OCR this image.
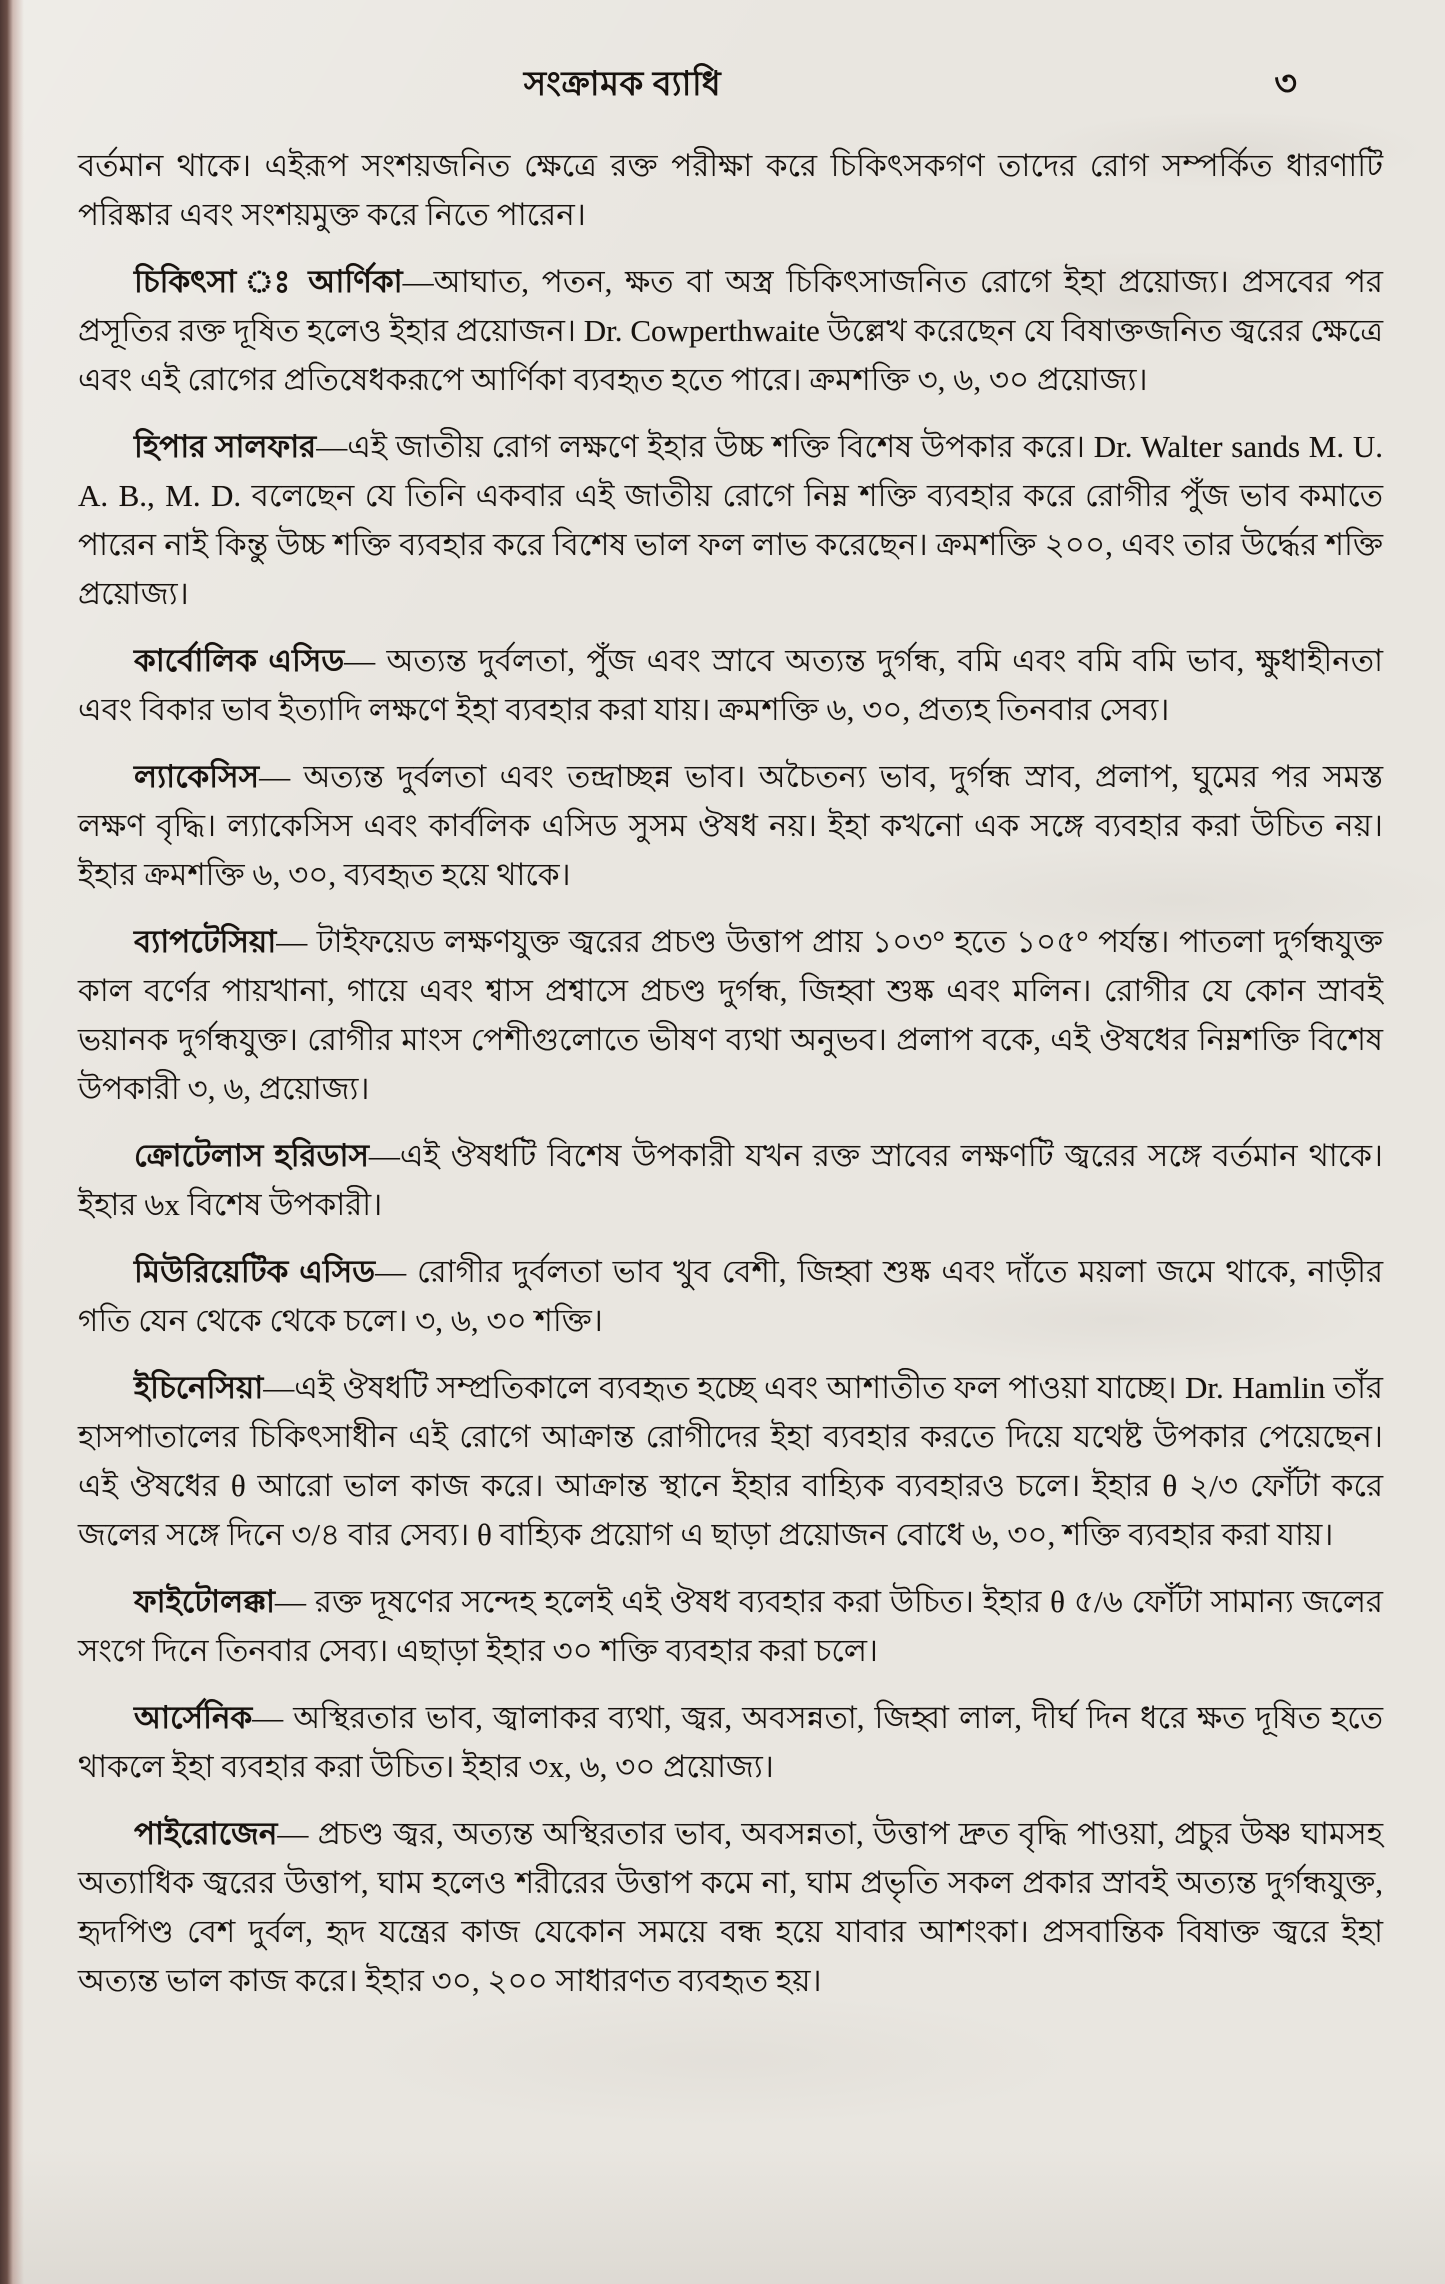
সংক্রামক ব্যাধি	৩

বর্তমান থাকে। এইরূপ সংশয়জনিত ক্ষেত্রে রক্ত পরীক্ষা করে চিকিৎসকগণ তাদের রোগ সম্পর্কিত ধারণাটি পরিষ্কার এবং সংশয়মুক্ত করে নিতে পারেন।

চিকিৎসা ঃ আর্ণিকা—আঘাত, পতন, ক্ষত বা অস্ত্র চিকিৎসাজনিত রোগে ইহা প্রয়োজ্য। প্রসবের পর প্রসূতির রক্ত দূষিত হলেও ইহার প্রয়োজন। Dr. Cowperthwaite উল্লেখ করেছেন যে বিষাক্তজনিত জ্বরের ক্ষেত্রে এবং এই রোগের প্রতিষেধকরূপে আর্ণিকা ব্যবহৃত হতে পারে। ক্রমশক্তি ৩, ৬, ৩০ প্রয়োজ্য।

হিপার সালফার—এই জাতীয় রোগ লক্ষণে ইহার উচ্চ শক্তি বিশেষ উপকার করে। Dr. Walter sands M. U. A. B., M. D. বলেছেন যে তিনি একবার এই জাতীয় রোগে নিম্ন শক্তি ব্যবহার করে রোগীর পুঁজ ভাব কমাতে পারেন নাই কিন্তু উচ্চ শক্তি ব্যবহার করে বিশেষ ভাল ফল লাভ করেছেন। ক্রমশক্তি ২০০, এবং তার উর্দ্ধের শক্তি প্রয়োজ্য।

কার্বোলিক এসিড— অত্যন্ত দুর্বলতা, পুঁজ এবং স্রাবে অত্যন্ত দুর্গন্ধ, বমি এবং বমি বমি ভাব, ক্ষুধাহীনতা এবং বিকার ভাব ইত্যাদি লক্ষণে ইহা ব্যবহার করা যায়। ক্রমশক্তি ৬, ৩০, প্রত্যহ তিনবার সেব্য।

ল্যাকেসিস— অত্যন্ত দুর্বলতা এবং তন্দ্রাচ্ছন্ন ভাব। অচৈতন্য ভাব, দুর্গন্ধ স্রাব, প্রলাপ, ঘুমের পর সমস্ত লক্ষণ বৃদ্ধি। ল্যাকেসিস এবং কার্বলিক এসিড সুসম ঔষধ নয়। ইহা কখনো এক সঙ্গে ব্যবহার করা উচিত নয়। ইহার ক্রমশক্তি ৬, ৩০, ব্যবহৃত হয়ে থাকে।

ব্যাপটেসিয়া— টাইফয়েড লক্ষণযুক্ত জ্বরের প্রচণ্ড উত্তাপ প্রায় ১০৩° হতে ১০৫° পর্যন্ত। পাতলা দুর্গন্ধযুক্ত কাল বর্ণের পায়খানা, গায়ে এবং শ্বাস প্রশ্বাসে প্রচণ্ড দুর্গন্ধ, জিহ্বা শুষ্ক এবং মলিন। রোগীর যে কোন স্রাবই ভয়ানক দুর্গন্ধযুক্ত। রোগীর মাংস পেশীগুলোতে ভীষণ ব্যথা অনুভব। প্রলাপ বকে, এই ঔষধের নিম্নশক্তি বিশেষ উপকারী ৩, ৬, প্রয়োজ্য।

ক্রোটেলাস হরিডাস—এই ঔষধটি বিশেষ উপকারী যখন রক্ত স্রাবের লক্ষণটি জ্বরের সঙ্গে বর্তমান থাকে। ইহার ৬x বিশেষ উপকারী।

মিউরিয়েটিক এসিড— রোগীর দুর্বলতা ভাব খুব বেশী, জিহ্বা শুষ্ক এবং দাঁতে ময়লা জমে থাকে, নাড়ীর গতি যেন থেকে থেকে চলে। ৩, ৬, ৩০ শক্তি।

ইচিনেসিয়া—এই ঔষধটি সম্প্রতিকালে ব্যবহৃত হচ্ছে এবং আশাতীত ফল পাওয়া যাচ্ছে। Dr. Hamlin তাঁর হাসপাতালের চিকিৎসাধীন এই রোগে আক্রান্ত রোগীদের ইহা ব্যবহার করতে দিয়ে যথেষ্ট উপকার পেয়েছেন। এই ঔষধের θ আরো ভাল কাজ করে। আক্রান্ত স্থানে ইহার বাহ্যিক ব্যবহারও চলে। ইহার θ ২/৩ ফোঁটা করে জলের সঙ্গে দিনে ৩/৪ বার সেব্য। θ বাহ্যিক প্রয়োগ এ ছাড়া প্রয়োজন বোধে ৬, ৩০, শক্তি ব্যবহার করা যায়।

ফাইটোলক্কা— রক্ত দূষণের সন্দেহ হলেই এই ঔষধ ব্যবহার করা উচিত। ইহার θ ৫/৬ ফোঁটা সামান্য জলের সংগে দিনে তিনবার সেব্য। এছাড়া ইহার ৩০ শক্তি ব্যবহার করা চলে।

আর্সেনিক— অস্থিরতার ভাব, জ্বালাকর ব্যথা, জ্বর, অবসন্নতা, জিহ্বা লাল, দীর্ঘ দিন ধরে ক্ষত দূষিত হতে থাকলে ইহা ব্যবহার করা উচিত। ইহার ৩x, ৬, ৩০ প্রয়োজ্য।

পাইরোজেন— প্রচণ্ড জ্বর, অত্যন্ত অস্থিরতার ভাব, অবসন্নতা, উত্তাপ দ্রুত বৃদ্ধি পাওয়া, প্রচুর উষ্ণ ঘামসহ অত্যাধিক জ্বরের উত্তাপ, ঘাম হলেও শরীরের উত্তাপ কমে না, ঘাম প্রভৃতি সকল প্রকার স্রাবই অত্যন্ত দুর্গন্ধযুক্ত, হৃদপিণ্ড বেশ দুর্বল, হৃদ যন্ত্রের কাজ যেকোন সময়ে বন্ধ হয়ে যাবার আশংকা। প্রসবান্তিক বিষাক্ত জ্বরে ইহা অত্যন্ত ভাল কাজ করে। ইহার ৩০, ২০০ সাধারণত ব্যবহৃত হয়।
